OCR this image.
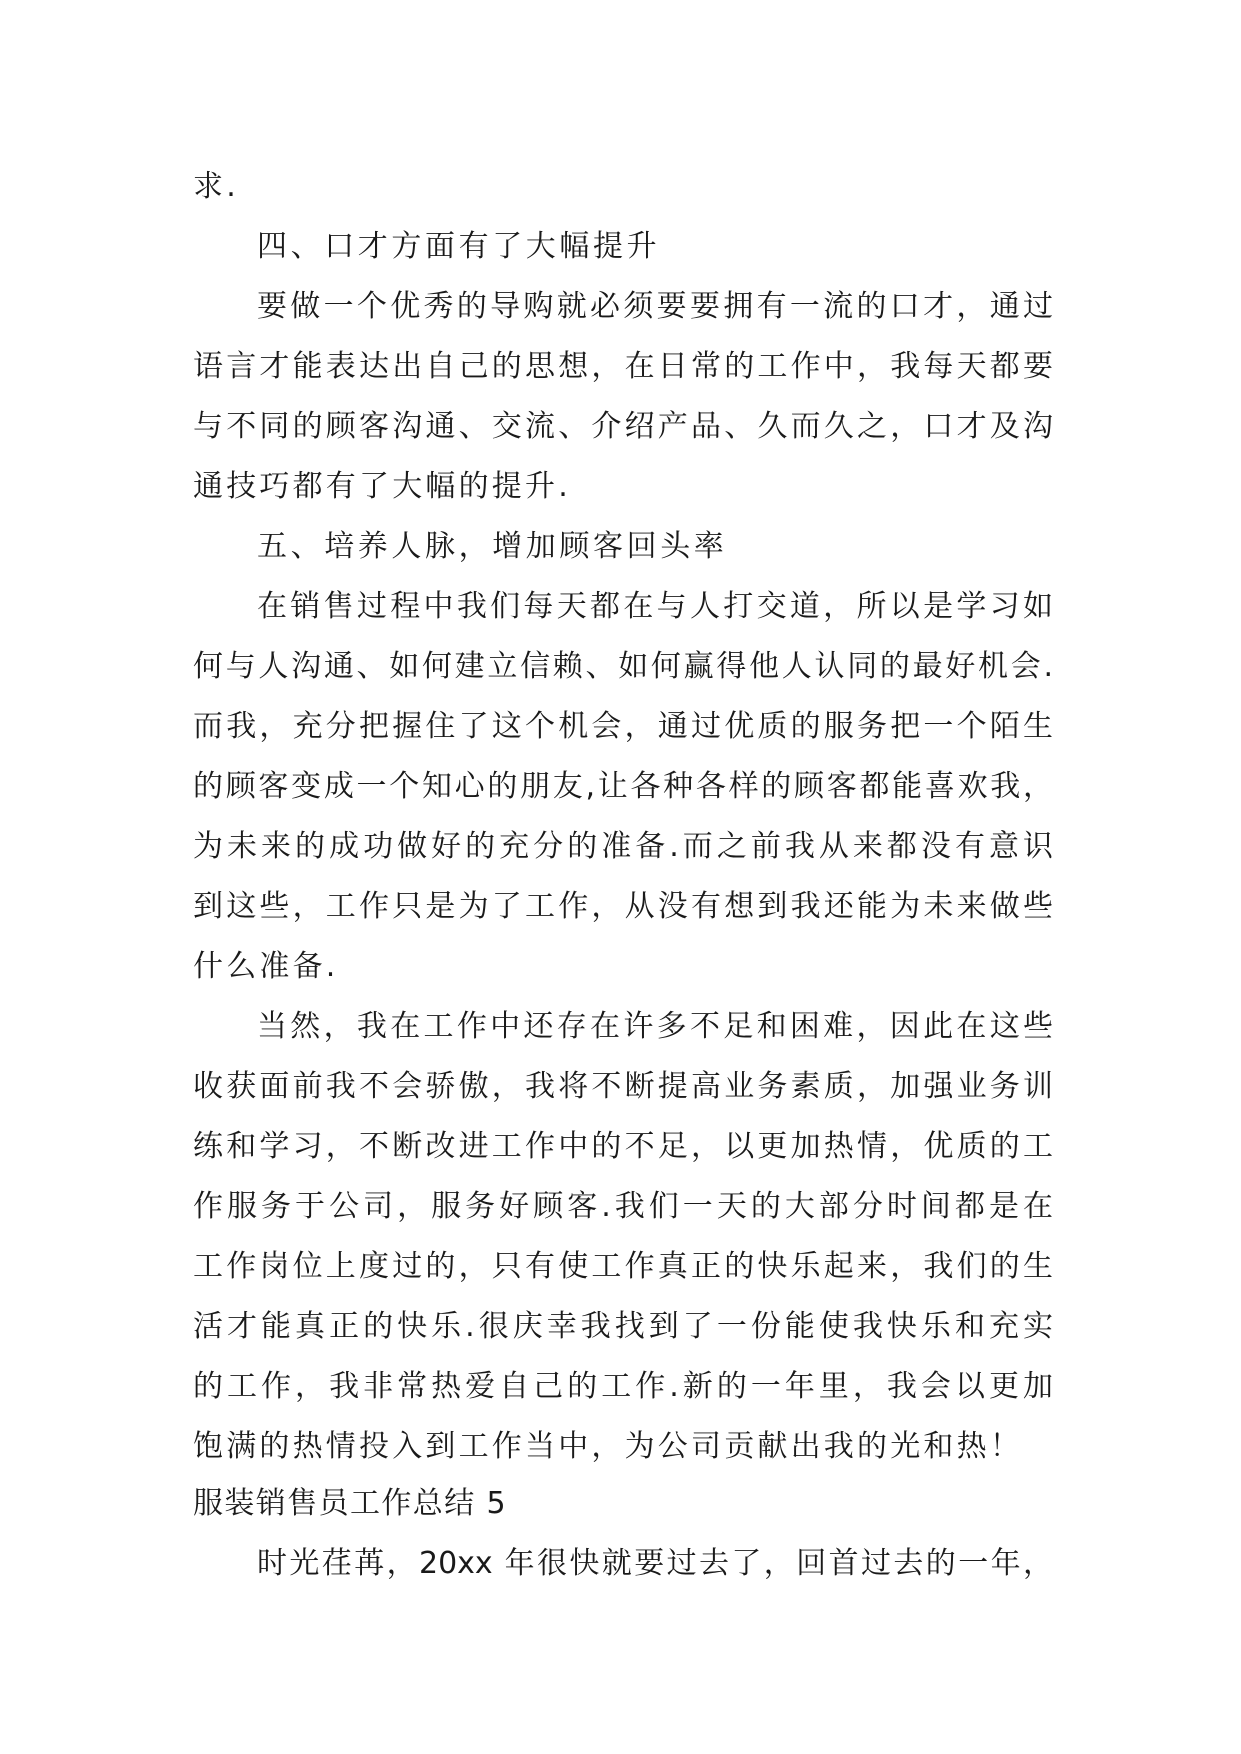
求.
四、口才方面有了大幅提升
要做一个优秀的导购就必须要要拥有一流的口才，通过
语言才能表达出自己的思想，在日常的工作中，我每天都要
与不同的顾客沟通、交流、介绍产品、久而久之，口才及沟
通技巧都有了大幅的提升.
五、培养人脉，增加顾客回头率
在销售过程中我们每天都在与人打交道，所以是学习如
何与人沟通、如何建立信赖、如何赢得他人认同的最好机会.
而我，充分把握住了这个机会，通过优质的服务把一个陌生
的顾客变成一个知心的朋友,让各种各样的顾客都能喜欢我，
为未来的成功做好的充分的准备.而之前我从来都没有意识
到这些，工作只是为了工作，从没有想到我还能为未来做些
什么准备.
当然，我在工作中还存在许多不足和困难，因此在这些
收获面前我不会骄傲，我将不断提高业务素质，加强业务训
练和学习，不断改进工作中的不足，以更加热情，优质的工
作服务于公司，服务好顾客.我们一天的大部分时间都是在
工作岗位上度过的，只有使工作真正的快乐起来，我们的生
活才能真正的快乐.很庆幸我找到了一份能使我快乐和充实
的工作，我非常热爱自己的工作.新的一年里，我会以更加
饱满的热情投入到工作当中，为公司贡献出我的光和热！
服装销售员工作总结 5
时光荏苒，20xx 年很快就要过去了，回首过去的一年，
